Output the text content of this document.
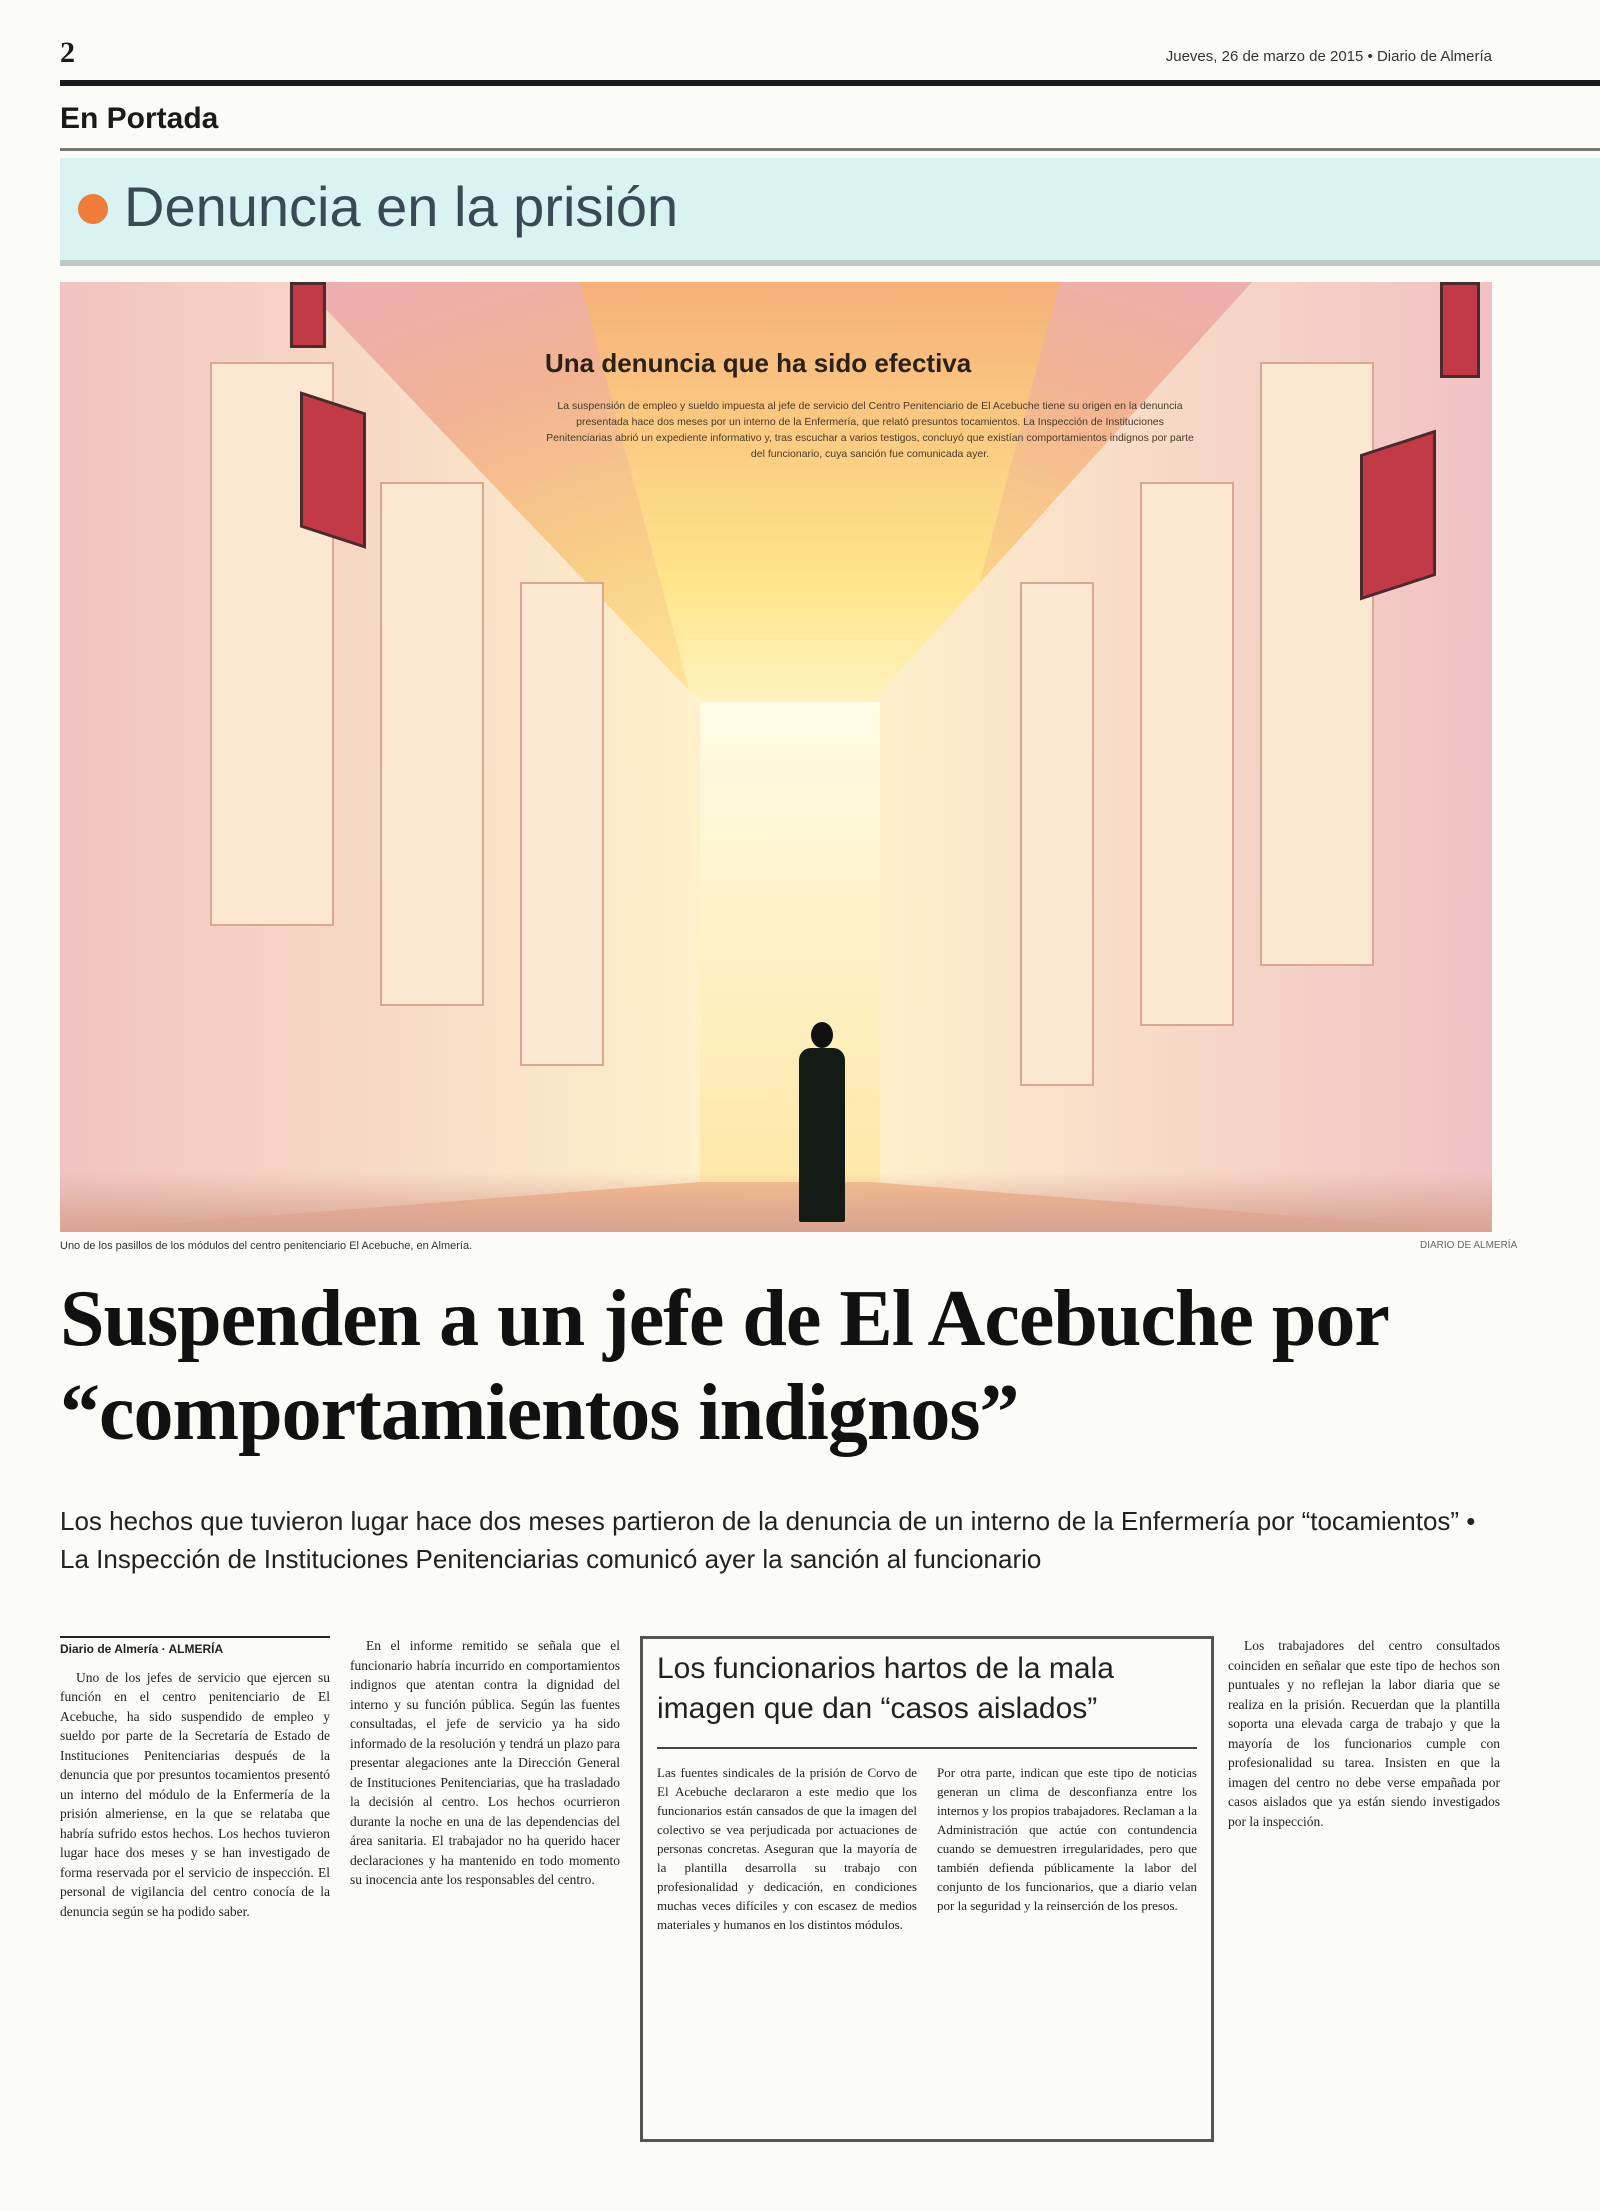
2	Jueves, 26 de marzo de 2015 • Diario de Almería
En Portada
Denuncia en la prisión
Una denuncia que ha sido efectiva
La suspensión de empleo y sueldo impuesta al jefe de servicio del Centro Penitenciario de El Acebuche tiene su origen en la denuncia presentada hace dos meses por un interno de la Enfermería, que relató presuntos tocamientos. La Inspección de Instituciones Penitenciarias abrió un expediente informativo y, tras escuchar a varios testigos, concluyó que existían comportamientos indignos por parte del funcionario, cuya sanción fue comunicada ayer.
Uno de los pasillos de los módulos del centro penitenciario El Acebuche, en Almería.	DIARIO DE ALMERÍA
Suspenden a un jefe de El Acebuche por “comportamientos indignos”
Los hechos que tuvieron lugar hace dos meses partieron de la denuncia de un interno de la Enfermería por “tocamientos” • La Inspección de Instituciones Penitenciarias comunicó ayer la sanción al funcionario
Diario de Almería · ALMERÍA

Uno de los jefes de servicio que ejercen su función en el centro penitenciario de El Acebuche, ha sido suspendido de empleo y sueldo por parte de la Secretaría de Estado de Instituciones Penitenciarias después de la denuncia que por presuntos tocamientos presentó un interno del módulo de la Enfermería de la prisión almeriense, en la que se relataba que habría sufrido estos hechos. Los hechos tuvieron lugar hace dos meses y se han investigado de forma reservada por el servicio de inspección. El personal de vigilancia del centro conocía de la denuncia según se ha podido saber.

En el informe remitido se señala que el funcionario habría incurrido en comportamientos indignos que atentan contra la dignidad del interno y su función pública. Según las fuentes consultadas, el jefe de servicio ya ha sido informado de la resolución y tendrá un plazo para presentar alegaciones ante la Dirección General de Instituciones Penitenciarias, que ha trasladado la decisión al centro. Los hechos ocurrieron durante la noche en una de las dependencias del área sanitaria. El trabajador no ha querido hacer declaraciones y ha mantenido en todo momento su inocencia ante los responsables del centro.

Los funcionarios hartos de la mala imagen que dan “casos aislados”
Las fuentes sindicales de la prisión de Corvo de El Acebuche declararon a este medio que los funcionarios están cansados de que la imagen del colectivo se vea perjudicada por actuaciones de personas concretas. Aseguran que la mayoría de la plantilla desarrolla su trabajo con profesionalidad y dedicación, en condiciones muchas veces difíciles y con escasez de medios materiales y humanos en los distintos módulos.
Por otra parte, indican que este tipo de noticias generan un clima de desconfianza entre los internos y los propios trabajadores. Reclaman a la Administración que actúe con contundencia cuando se demuestren irregularidades, pero que también defienda públicamente la labor del conjunto de los funcionarios, que a diario velan por la seguridad y la reinserción de los presos.

Los trabajadores del centro consultados coinciden en señalar que este tipo de hechos son puntuales y no reflejan la labor diaria que se realiza en la prisión. Recuerdan que la plantilla soporta una elevada carga de trabajo y que la mayoría de los funcionarios cumple con profesionalidad su tarea. Insisten en que la imagen del centro no debe verse empañada por casos aislados que ya están siendo investigados por la inspección.
